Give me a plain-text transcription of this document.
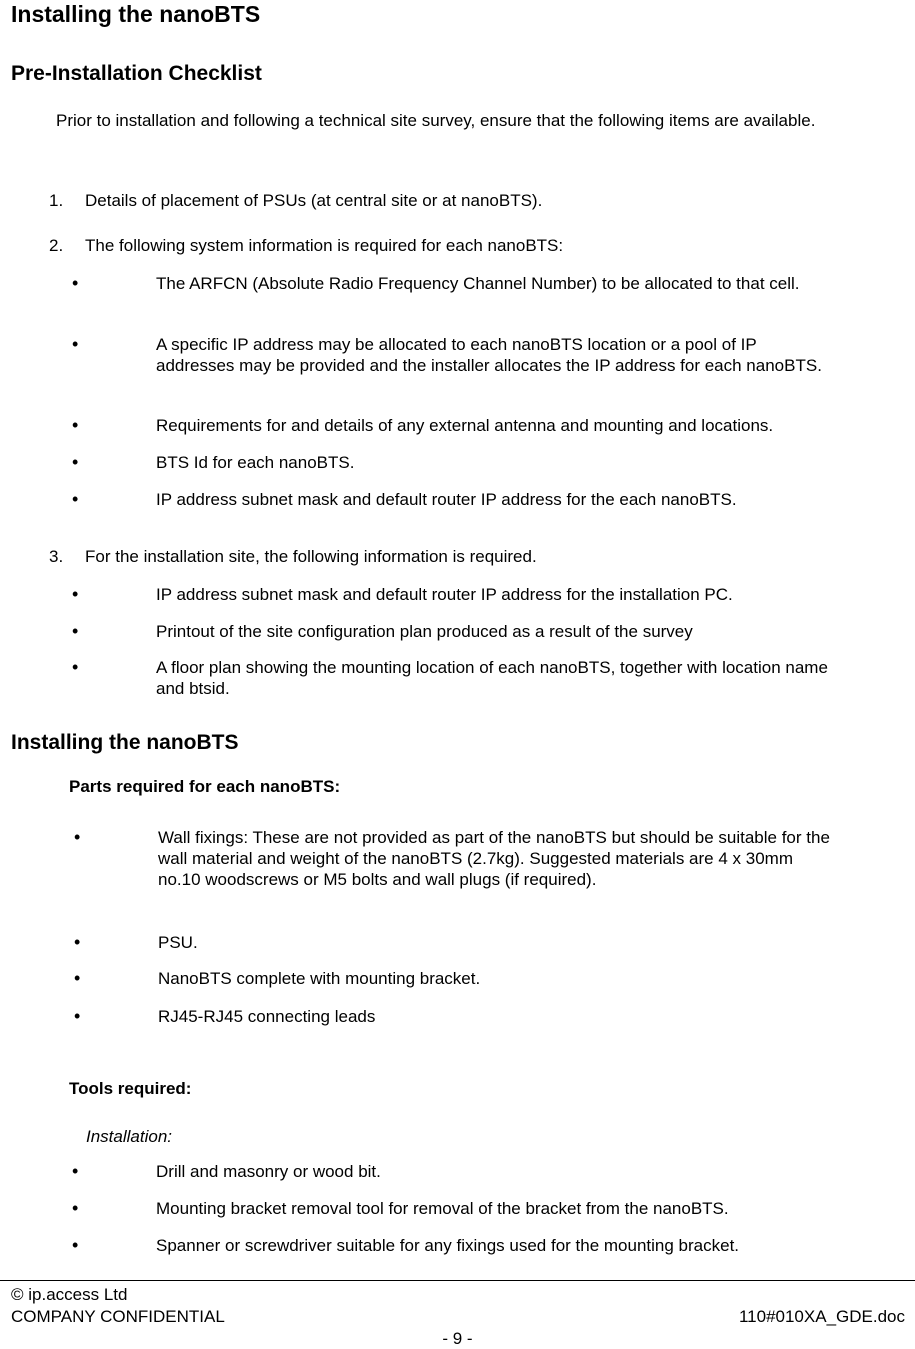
Installing the nanoBTS
Pre-Installation Checklist

Prior to installation and following a technical site survey, ensure that the following items are available.

1. Details of placement of PSUs (at central site or at nanoBTS).
2. The following system information is required for each nanoBTS:
•	The ARFCN (Absolute Radio Frequency Channel Number) to be allocated to that cell.
•	A specific IP address may be allocated to each nanoBTS location or a pool of IP addresses may be provided and the installer allocates the IP address for each nanoBTS.
•	Requirements for and details of any external antenna and mounting and locations.
•	BTS Id for each nanoBTS.
•	IP address subnet mask and default router IP address for the each nanoBTS.
3. For the installation site, the following information is required.
•	IP address subnet mask and default router IP address for the installation PC.
•	Printout of the site configuration plan produced as a result of the survey
•	A floor plan showing the mounting location of each nanoBTS, together with location name and btsid.
Installing the nanoBTS
Parts required for each nanoBTS:
•	Wall fixings: These are not provided as part of the nanoBTS but should be suitable for the wall material and weight of the nanoBTS (2.7kg). Suggested materials are 4 x 30mm no.10 woodscrews or M5 bolts and wall plugs (if required).
•	PSU.
•	NanoBTS complete with mounting bracket.
•	RJ45-RJ45 connecting leads
Tools required:
Installation:
•	Drill and masonry or wood bit.
•	Mounting bracket removal tool for removal of the bracket from the nanoBTS.
•	Spanner or screwdriver suitable for any fixings used for the mounting bracket.
© ip.access Ltd
COMPANY CONFIDENTIAL	110#010XA_GDE.doc
- 9 -
